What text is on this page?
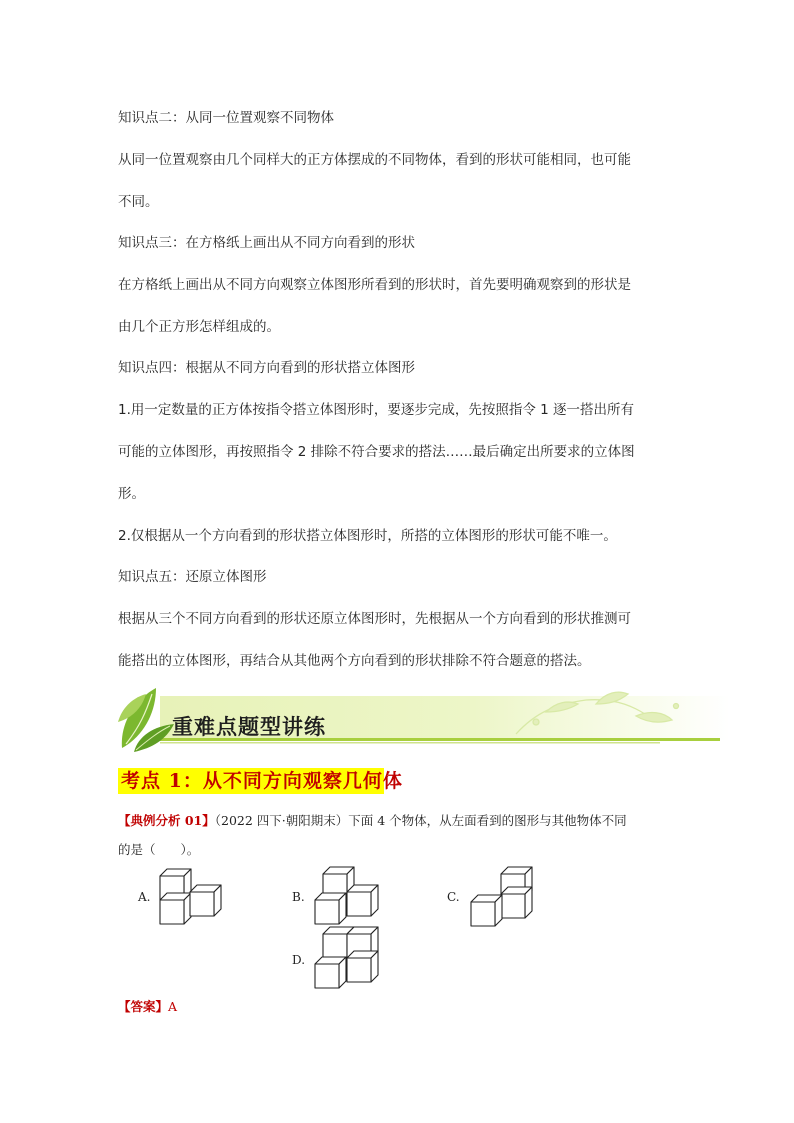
知识点二：从同一位置观察不同物体
从同一位置观察由几个同样大的正方体摆成的不同物体，看到的形状可能相同，也可能
不同。
知识点三：在方格纸上画出从不同方向看到的形状
在方格纸上画出从不同方向观察立体图形所看到的形状时，首先要明确观察到的形状是
由几个正方形怎样组成的。
知识点四：根据从不同方向看到的形状搭立体图形
1.用一定数量的正方体按指令搭立体图形时，要逐步完成，先按照指令 1 逐一搭出所有
可能的立体图形，再按照指令 2 排除不符合要求的搭法……最后确定出所要求的立体图
形。
2.仅根据从一个方向看到的形状搭立体图形时，所搭的立体图形的形状可能不唯一。
知识点五：还原立体图形
根据从三个不同方向看到的形状还原立体图形时，先根据从一个方向看到的形状推测可
能搭出的立体图形，再结合从其他两个方向看到的形状排除不符合题意的搭法。
重难点题型讲练
考点 1：从不同方向观察几何体
【典例分析 01】（2022 四下·朝阳期末）下面 4 个物体，从左面看到的图形与其他物体不同
的是（　　）。
A.	B.	C.
D.
【答案】A
